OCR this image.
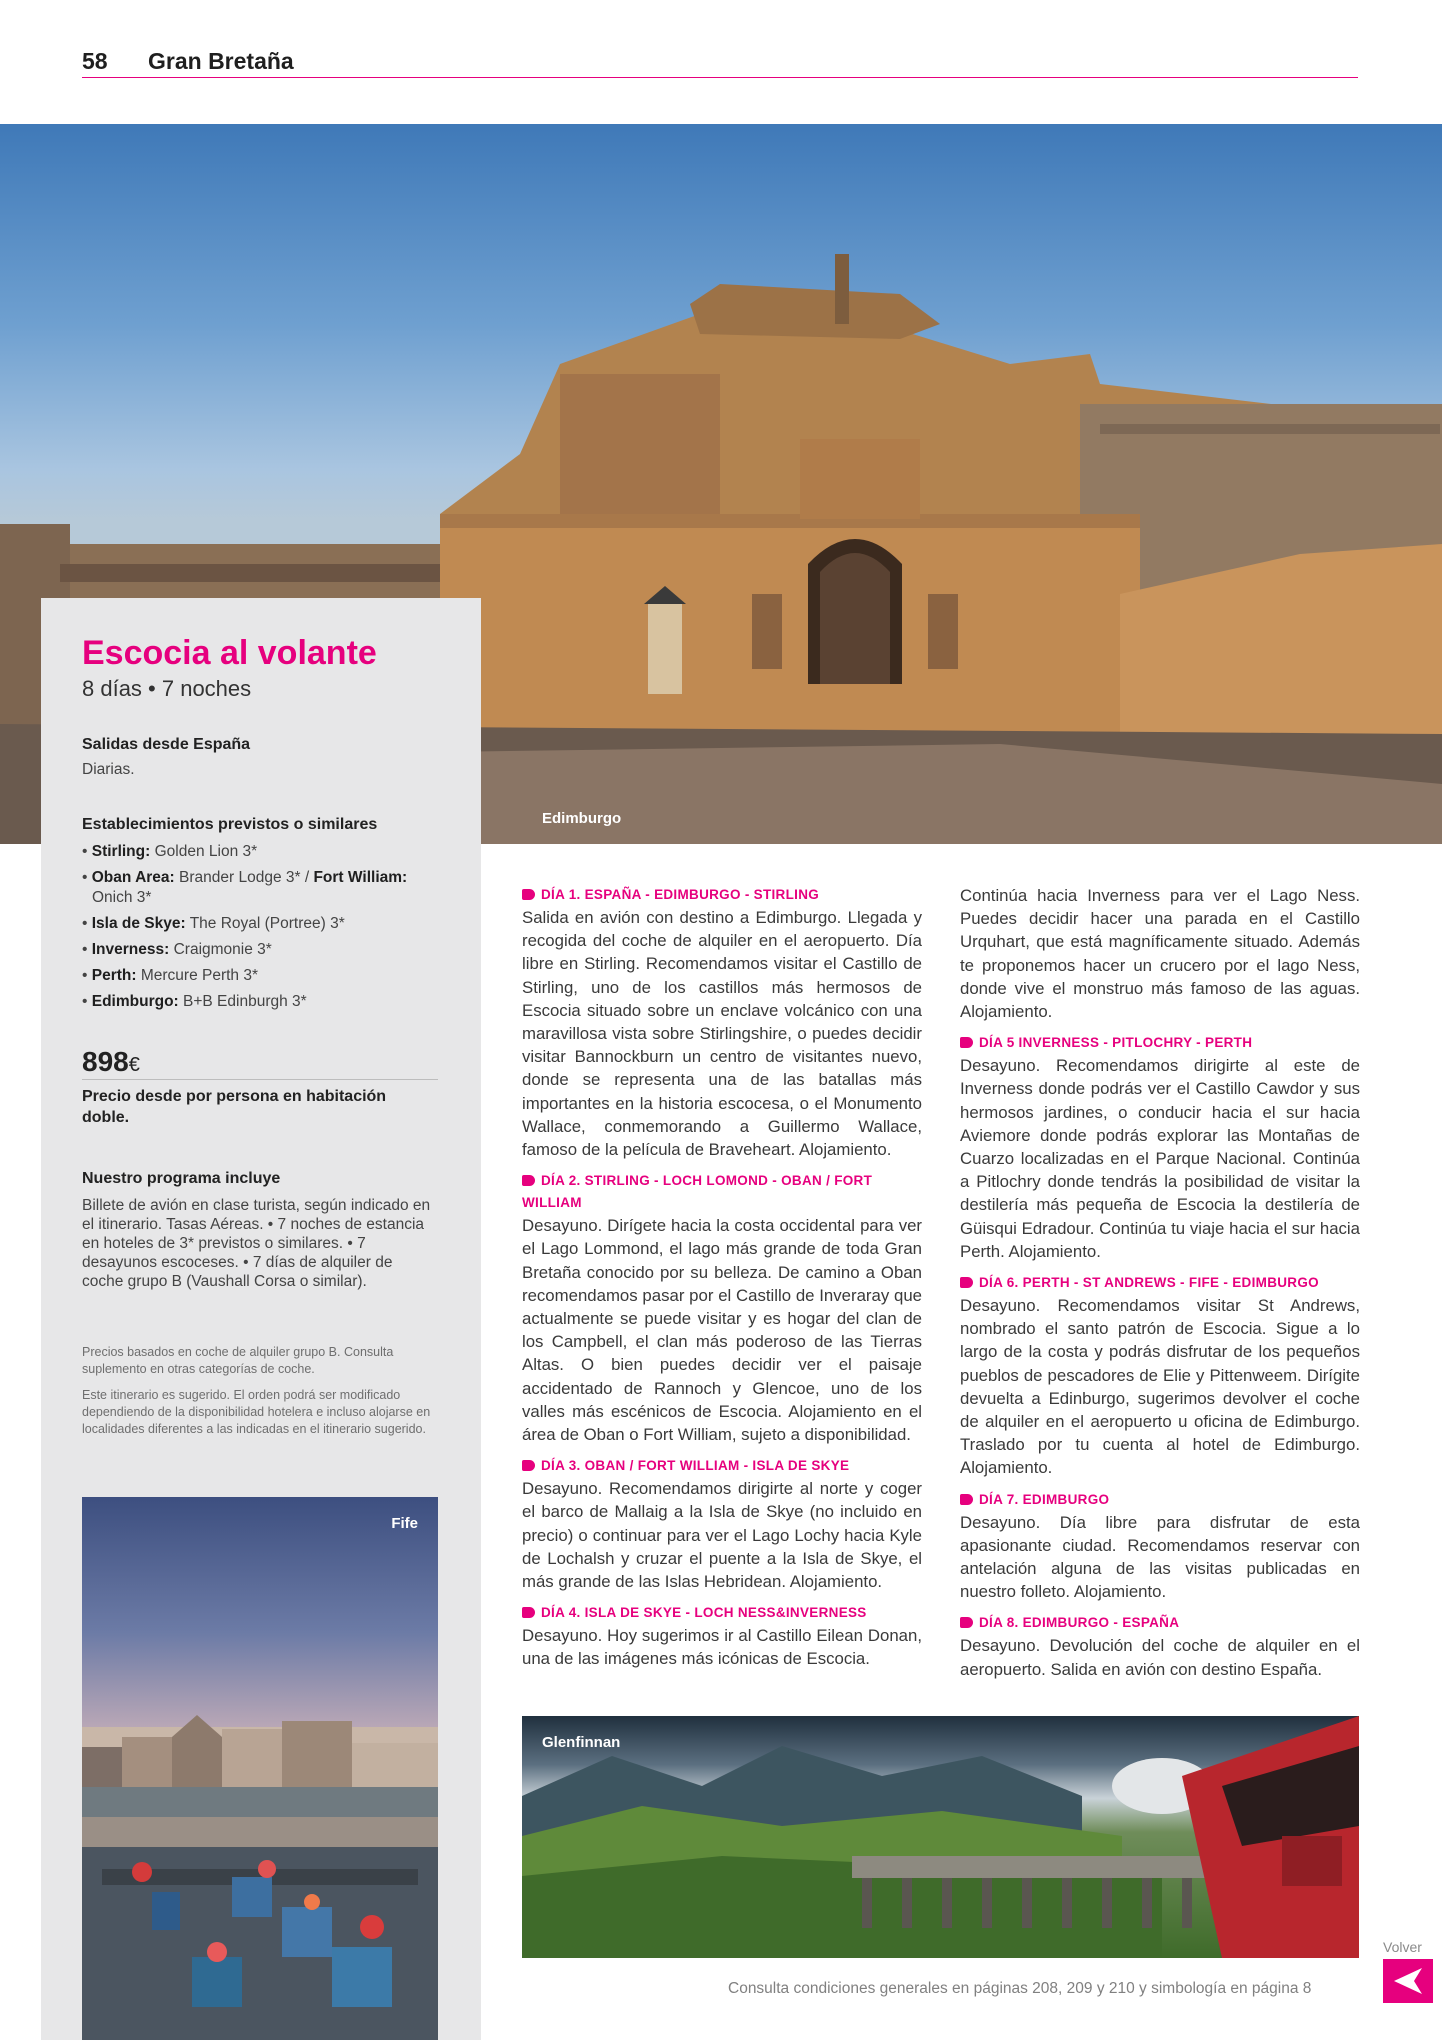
58 Gran Bretaña
Edimburgo
Escocia al volante
8 días • 7 noches
Salidas desde España
Diarias.
Establecimientos previstos o similares
• Stirling: Golden Lion 3*
• Oban Area: Brander Lodge 3* / Fort William: Onich 3*
• Isla de Skye: The Royal (Portree) 3*
• Inverness: Craigmonie 3*
• Perth: Mercure Perth 3*
• Edimburgo: B+B Edinburgh 3*
898€
Precio desde por persona en habitación doble.
Nuestro programa incluye
Billete de avión en clase turista, según indicado en el itinerario. Tasas Aéreas. • 7 noches de estancia en hoteles de 3* previstos o similares. • 7 desayunos escoceses. • 7 días de alquiler de coche grupo B (Vaushall Corsa o similar).
Precios basados en coche de alquiler grupo B. Consulta suplemento en otras categorías de coche.
Este itinerario es sugerido. El orden podrá ser modificado dependiendo de la disponibilidad hotelera e incluso alojarse en localidades diferentes a las indicadas en el itinerario sugerido.
Fife
DÍA 1. ESPAÑA - EDIMBURGO - STIRLING
Salida en avión con destino a Edimburgo. Llegada y recogida del coche de alquiler en el aeropuerto. Día libre en Stirling. Recomendamos visitar el Castillo de Stirling, uno de los castillos más hermosos de Escocia situado sobre un enclave volcánico con una maravillosa vista sobre Stirlingshire, o puedes decidir visitar Bannockburn un centro de visitantes nuevo, donde se representa una de las batallas más importantes en la historia escocesa, o el Monumento Wallace, conmemorando a Guillermo Wallace, famoso de la película de Braveheart. Alojamiento.
DÍA 2. STIRLING - LOCH LOMOND - OBAN / FORT WILLIAM
Desayuno. Dirígete hacia la costa occidental para ver el Lago Lommond, el lago más grande de toda Gran Bretaña conocido por su belleza. De camino a Oban recomendamos pasar por el Castillo de Inveraray que actualmente se puede visitar y es hogar del clan de los Campbell, el clan más poderoso de las Tierras Altas. O bien puedes decidir ver el paisaje accidentado de Rannoch y Glencoe, uno de los valles más escénicos de Escocia. Alojamiento en el área de Oban o Fort William, sujeto a disponibilidad.
DÍA 3. OBAN / FORT WILLIAM - ISLA DE SKYE
Desayuno. Recomendamos dirigirte al norte y coger el barco de Mallaig a la Isla de Skye (no incluido en precio) o continuar para ver el Lago Lochy hacia Kyle de Lochalsh y cruzar el puente a la Isla de Skye, el más grande de las Islas Hebridean. Alojamiento.
DÍA 4. ISLA DE SKYE - LOCH NESS&INVERNESS
Desayuno. Hoy sugerimos ir al Castillo Eilean Donan, una de las imágenes más icónicas de Escocia.
Continúa hacia Inverness para ver el Lago Ness. Puedes decidir hacer una parada en el Castillo Urquhart, que está magníficamente situado. Además te proponemos hacer un crucero por el lago Ness, donde vive el monstruo más famoso de las aguas. Alojamiento.
DÍA 5 INVERNESS - PITLOCHRY - PERTH
Desayuno. Recomendamos dirigirte al este de Inverness donde podrás ver el Castillo Cawdor y sus hermosos jardines, o conducir hacia el sur hacia Aviemore donde podrás explorar las Montañas de Cuarzo localizadas en el Parque Nacional. Continúa a Pitlochry donde tendrás la posibilidad de visitar la destilería más pequeña de Escocia la destilería de Güisqui Edradour. Continúa tu viaje hacia el sur hacia Perth. Alojamiento.
DÍA 6. PERTH - ST ANDREWS - FIFE - EDIMBURGO
Desayuno. Recomendamos visitar St Andrews, nombrado el santo patrón de Escocia. Sigue a lo largo de la costa y podrás disfrutar de los pequeños pueblos de pescadores de Elie y Pittenweem. Dirígite devuelta a Edinburgo, sugerimos devolver el coche de alquiler en el aeropuerto u oficina de Edimburgo. Traslado por tu cuenta al hotel de Edimburgo. Alojamiento.
DÍA 7. EDIMBURGO
Desayuno. Día libre para disfrutar de esta apasionante ciudad. Recomendamos reservar con antelación alguna de las visitas publicadas en nuestro folleto. Alojamiento.
DÍA 8. EDIMBURGO - ESPAÑA
Desayuno. Devolución del coche de alquiler en el aeropuerto. Salida en avión con destino España.
Glenfinnan
Consulta condiciones generales en páginas 208, 209 y 210 y simbología en página 8
Volver
